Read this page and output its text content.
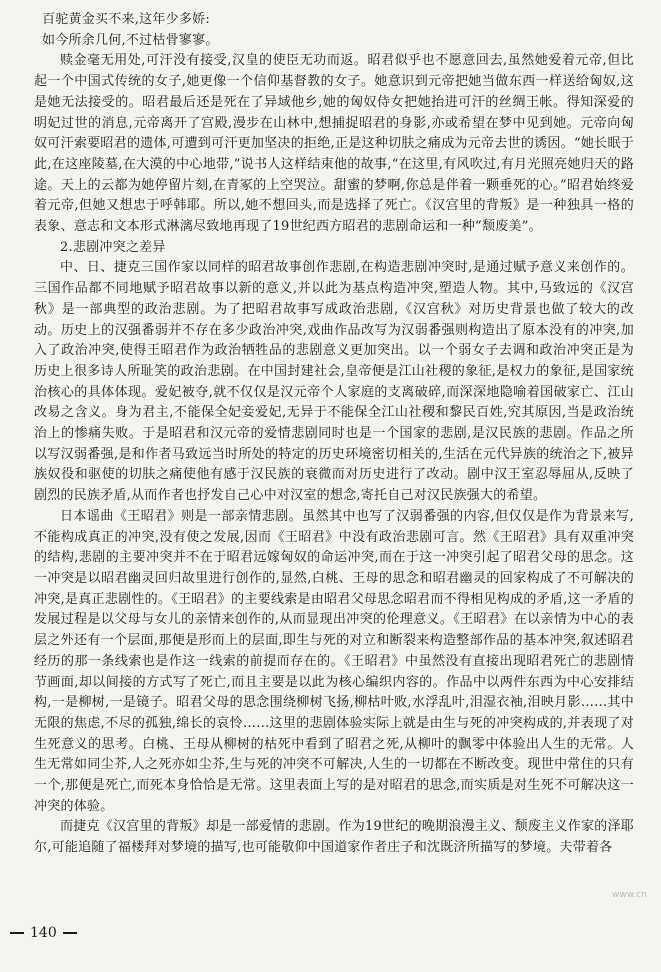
百驼黄金买不来,这年少多娇:

如今所余几何,不过枯骨寥寥。

赎金毫无用处,可汗没有接受,汉皇的使臣无功而返。昭君似乎也不愿意回去,虽然她爱着元帝,但比起一个中国式传统的女子,她更像一个信仰基督教的女子。她意识到元帝把她当做东西一样送给匈奴,这是她无法接受的。昭君最后还是死在了异域他乡,她的匈奴侍女把她抬进可汗的丝绸王帐。得知深爱的明妃过世的消息,元帝离开了宫殿,漫步在山林中,想捕捉昭君的身影,亦或希望在梦中见到她。元帝向匈奴可汗索要昭君的遗体,可遭到可汗更加坚决的拒绝,正是这种切肤之痛成为元帝去世的诱因。“她长眠于此,在这座陵墓,在大漠的中心地带,”说书人这样结束他的故事,“在这里,有风吹过,有月光照亮她归天的路途。天上的云都为她停留片刻,在青冢的上空哭泣。甜蜜的梦啊,你总是伴着一颗垂死的心。”昭君始终爱着元帝,但她又想忠于呼韩耶。所以,她不想回头,而是选择了死亡。《汉宫里的背叛》是一种独具一格的表象、意志和文本形式淋漓尽致地再现了19世纪西方昭君的悲剧命运和一种“颓废美”。

2.悲剧冲突之差异

中、日、捷克三国作家以同样的昭君故事创作悲剧,在构造悲剧冲突时,是通过赋予意义来创作的。三国作品都不同地赋予昭君故事以新的意义,并以此为基点构造冲突,塑造人物。其中,马致远的《汉宫秋》是一部典型的政治悲剧。为了把昭君故事写成政治悲剧,《汉宫秋》对历史背景也做了较大的改动。历史上的汉强番弱并不存在多少政治冲突,戏曲作品改写为汉弱番强则构造出了原本没有的冲突,加入了政治冲突,使得王昭君作为政治牺牲品的悲剧意义更加突出。以一个弱女子去调和政治冲突正是为历史上很多诗人所耻笑的政治悲剧。在中国封建社会,皇帝便是江山社稷的象征,是权力的象征,是国家统治核心的具体体现。爱妃被夺,就不仅仅是汉元帝个人家庭的支离破碎,而深深地隐喻着国破家亡、江山改易之含义。身为君主,不能保全妃妾爱妃,无异于不能保全江山社稷和黎民百姓,究其原因,当是政治统治上的惨痛失败。于是昭君和汉元帝的爱情悲剧同时也是一个国家的悲剧,是汉民族的悲剧。作品之所以写汉弱番强,是和作者马致远当时所处的特定的历史环境密切相关的,生活在元代异族的统治之下,被异族奴役和驱使的切肤之痛使他有感于汉民族的衰微而对历史进行了改动。剧中汉王室忍辱屈从,反映了剧烈的民族矛盾,从而作者也抒发自己心中对汉室的想念,寄托自己对汉民族强大的希望。

日本谣曲《王昭君》则是一部亲情悲剧。虽然其中也写了汉弱番强的内容,但仅仅是作为背景来写,不能构成真正的冲突,没有使之发展,因而《王昭君》中没有政治悲剧可言。然《王昭君》具有双重冲突的结构,悲剧的主要冲突并不在于昭君远嫁匈奴的命运冲突,而在于这一冲突引起了昭君父母的思念。这一冲突是以昭君幽灵回归故里进行创作的,显然,白桃、王母的思念和昭君幽灵的回家构成了不可解决的冲突,是真正悲剧性的。《王昭君》的主要线索是由昭君父母思念昭君而不得相见构成的矛盾,这一矛盾的发展过程是以父母与女儿的亲情来创作的,从而显现出冲突的伦理意义。《王昭君》在以亲情为中心的表层之外还有一个层面,那便是形而上的层面,即生与死的对立和断裂来构造整部作品的基本冲突,叙述昭君经历的那一条线索也是作这一线索的前提而存在的。《王昭君》中虽然没有直接出现昭君死亡的悲剧情节画面,却以间接的方式写了死亡,而且主要是以此为核心编织内容的。作品中以两件东西为中心安排结构,一是柳树,一是镜子。昭君父母的思念围绕柳树飞扬,柳枯叶败,水浮乱叶,泪湿衣袖,泪映月影……其中无限的焦虑,不尽的孤独,绵长的哀怜……这里的悲剧体验实际上就是由生与死的冲突构成的,并表现了对生死意义的思考。白桃、王母从柳树的枯死中看到了昭君之死,从柳叶的飘零中体验出人生的无常。人生无常如同尘芥,人之死亦如尘芥,生与死的冲突不可解决,人生的一切都在不断改变。现世中常住的只有一个,那便是死亡,而死本身恰恰是无常。这里表面上写的是对昭君的思念,而实质是对生死不可解决这一冲突的体验。

而捷克《汉宫里的背叛》却是一部爱情的悲剧。作为19世纪的晚期浪漫主义、颓废主义作家的泽耶尔,可能追随了福楼拜对梦境的描写,也可能敬仰中国道家作者庄子和沈既济所描写的梦境。夫带着各

140
www.cn
